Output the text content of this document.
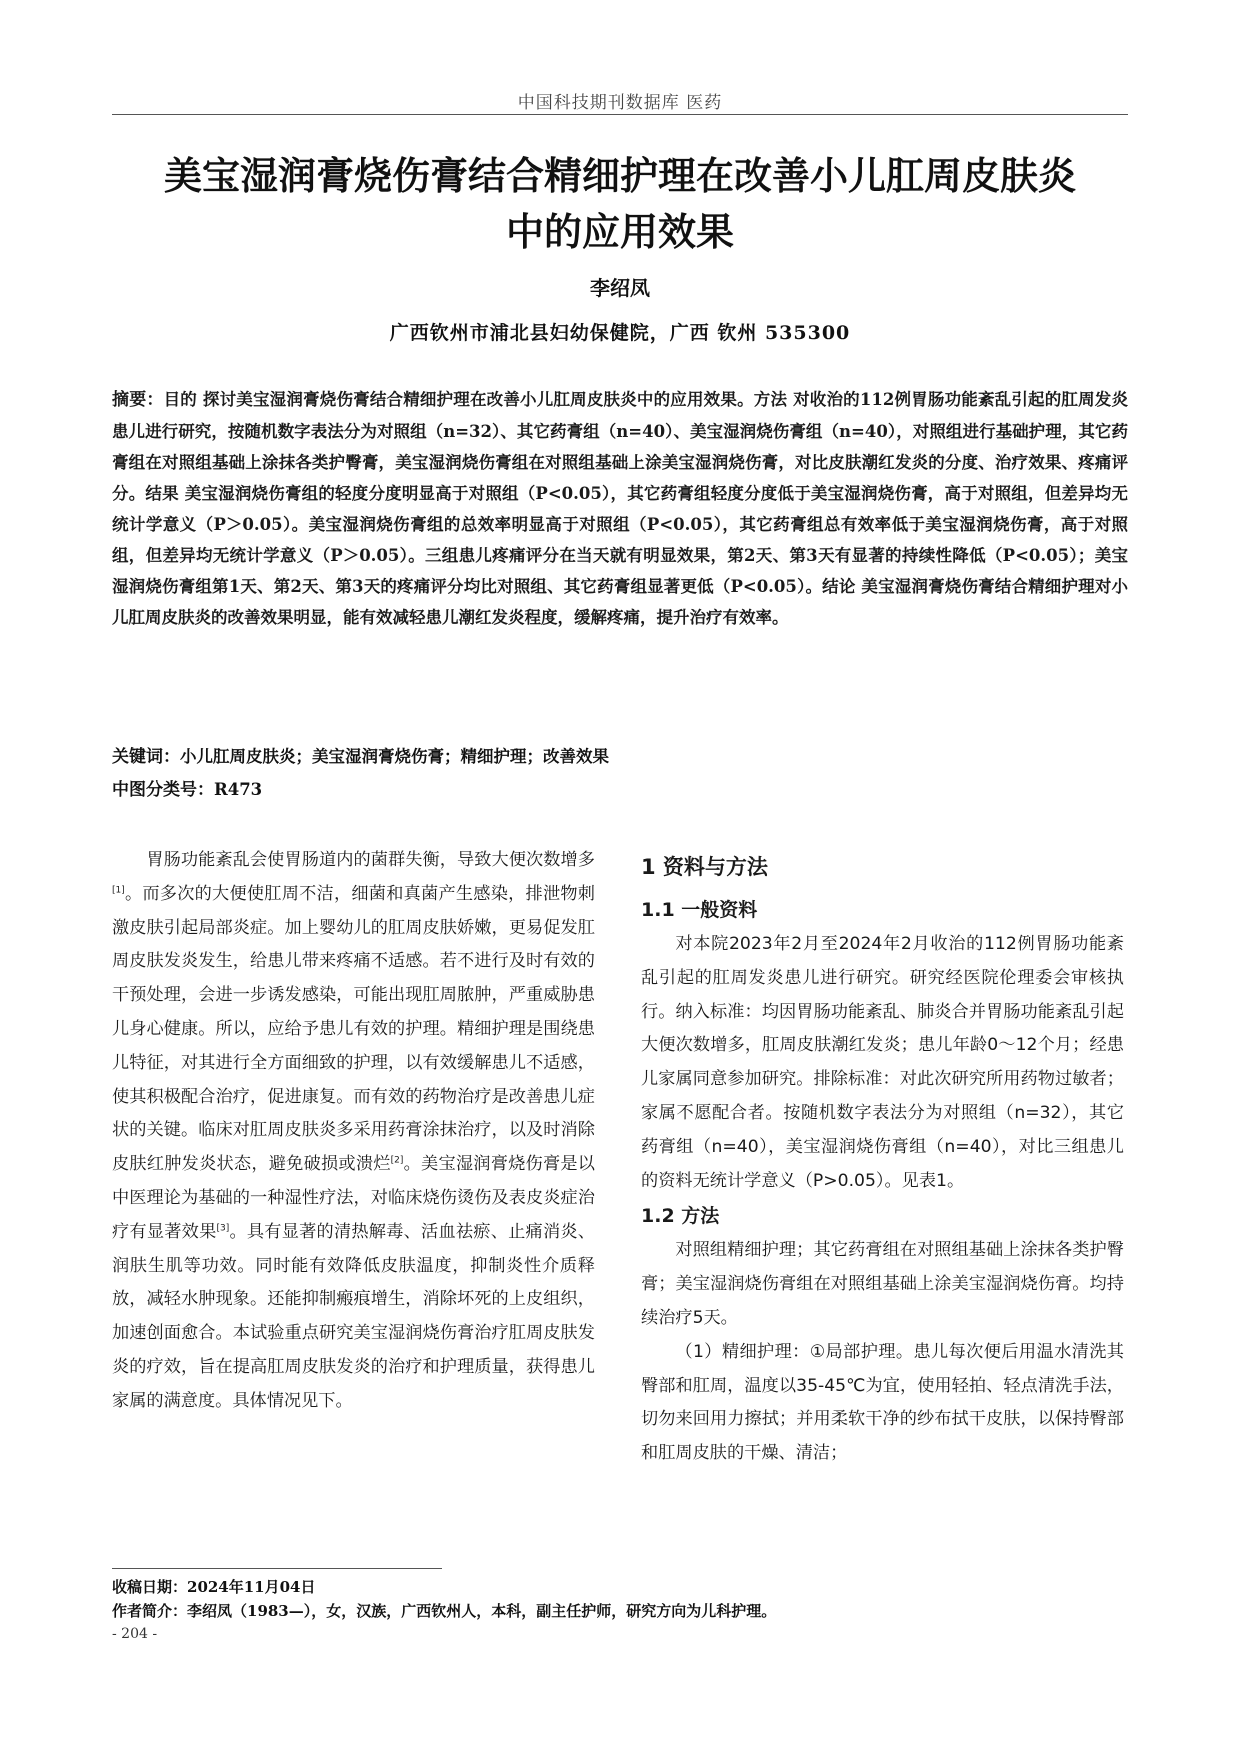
中国科技期刊数据库 医药
美宝湿润膏烧伤膏结合精细护理在改善小儿肛周皮肤炎
中的应用效果
李绍凤
广西钦州市浦北县妇幼保健院，广西 钦州 535300
摘要：目的 探讨美宝湿润膏烧伤膏结合精细护理在改善小儿肛周皮肤炎中的应用效果。方法 对收治的112例胃肠功能紊乱引起的肛周发炎患儿进行研究，按随机数字表法分为对照组（n=32）、其它药膏组（n=40）、美宝湿润烧伤膏组（n=40），对照组进行基础护理，其它药膏组在对照组基础上涂抹各类护臀膏，美宝湿润烧伤膏组在对照组基础上涂美宝湿润烧伤膏，对比皮肤潮红发炎的分度、治疗效果、疼痛评分。结果 美宝湿润烧伤膏组的轻度分度明显高于对照组（P<0.05），其它药膏组轻度分度低于美宝湿润烧伤膏，高于对照组，但差异均无统计学意义（P＞0.05）。美宝湿润烧伤膏组的总效率明显高于对照组（P<0.05），其它药膏组总有效率低于美宝湿润烧伤膏，高于对照组，但差异均无统计学意义（P＞0.05）。三组患儿疼痛评分在当天就有明显效果，第2天、第3天有显著的持续性降低（P<0.05）；美宝湿润烧伤膏组第1天、第2天、第3天的疼痛评分均比对照组、其它药膏组显著更低（P<0.05）。结论 美宝湿润膏烧伤膏结合精细护理对小儿肛周皮肤炎的改善效果明显，能有效减轻患儿潮红发炎程度，缓解疼痛，提升治疗有效率。
关键词：小儿肛周皮肤炎；美宝湿润膏烧伤膏；精细护理；改善效果
中图分类号：R473

胃肠功能紊乱会使胃肠道内的菌群失衡，导致大便次数增多[1]。而多次的大便使肛周不洁，细菌和真菌产生感染，排泄物刺激皮肤引起局部炎症。加上婴幼儿的肛周皮肤娇嫩，更易促发肛周皮肤发炎发生，给患儿带来疼痛不适感。若不进行及时有效的干预处理，会进一步诱发感染，可能出现肛周脓肿，严重威胁患儿身心健康。所以，应给予患儿有效的护理。精细护理是围绕患儿特征，对其进行全方面细致的护理，以有效缓解患儿不适感，使其积极配合治疗，促进康复。而有效的药物治疗是改善患儿症状的关键。临床对肛周皮肤炎多采用药膏涂抹治疗，以及时消除皮肤红肿发炎状态，避免破损或溃烂[2]。美宝湿润膏烧伤膏是以中医理论为基础的一种湿性疗法，对临床烧伤烫伤及表皮炎症治疗有显著效果[3]。具有显著的清热解毒、活血祛瘀、止痛消炎、润肤生肌等功效。同时能有效降低皮肤温度，抑制炎性介质释放，减轻水肿现象。还能抑制瘢痕增生，消除坏死的上皮组织，加速创面愈合。本试验重点研究美宝湿润烧伤膏治疗肛周皮肤发炎的疗效，旨在提高肛周皮肤发炎的治疗和护理质量，获得患儿家属的满意度。具体情况见下。

1 资料与方法
1.1 一般资料

对本院2023年2月至2024年2月收治的112例胃肠功能紊乱引起的肛周发炎患儿进行研究。研究经医院伦理委会审核执行。纳入标准：均因胃肠功能紊乱、肺炎合并胃肠功能紊乱引起大便次数增多，肛周皮肤潮红发炎；患儿年龄0～12个月；经患儿家属同意参加研究。排除标准：对此次研究所用药物过敏者；家属不愿配合者。按随机数字表法分为对照组（n=32），其它药膏组（n=40），美宝湿润烧伤膏组（n=40），对比三组患儿的资料无统计学意义（P>0.05）。见表1。

1.2 方法

对照组精细护理；其它药膏组在对照组基础上涂抹各类护臀膏；美宝湿润烧伤膏组在对照组基础上涂美宝湿润烧伤膏。均持续治疗5天。

（1）精细护理：①局部护理。患儿每次便后用温水清洗其臀部和肛周，温度以35-45℃为宜，使用轻拍、轻点清洗手法，切勿来回用力擦拭；并用柔软干净的纱布拭干皮肤，以保持臀部和肛周皮肤的干燥、清洁；

收稿日期：2024年11月04日
作者简介：李绍凤（1983—），女，汉族，广西钦州人，本科，副主任护师，研究方向为儿科护理。
- 204 -
